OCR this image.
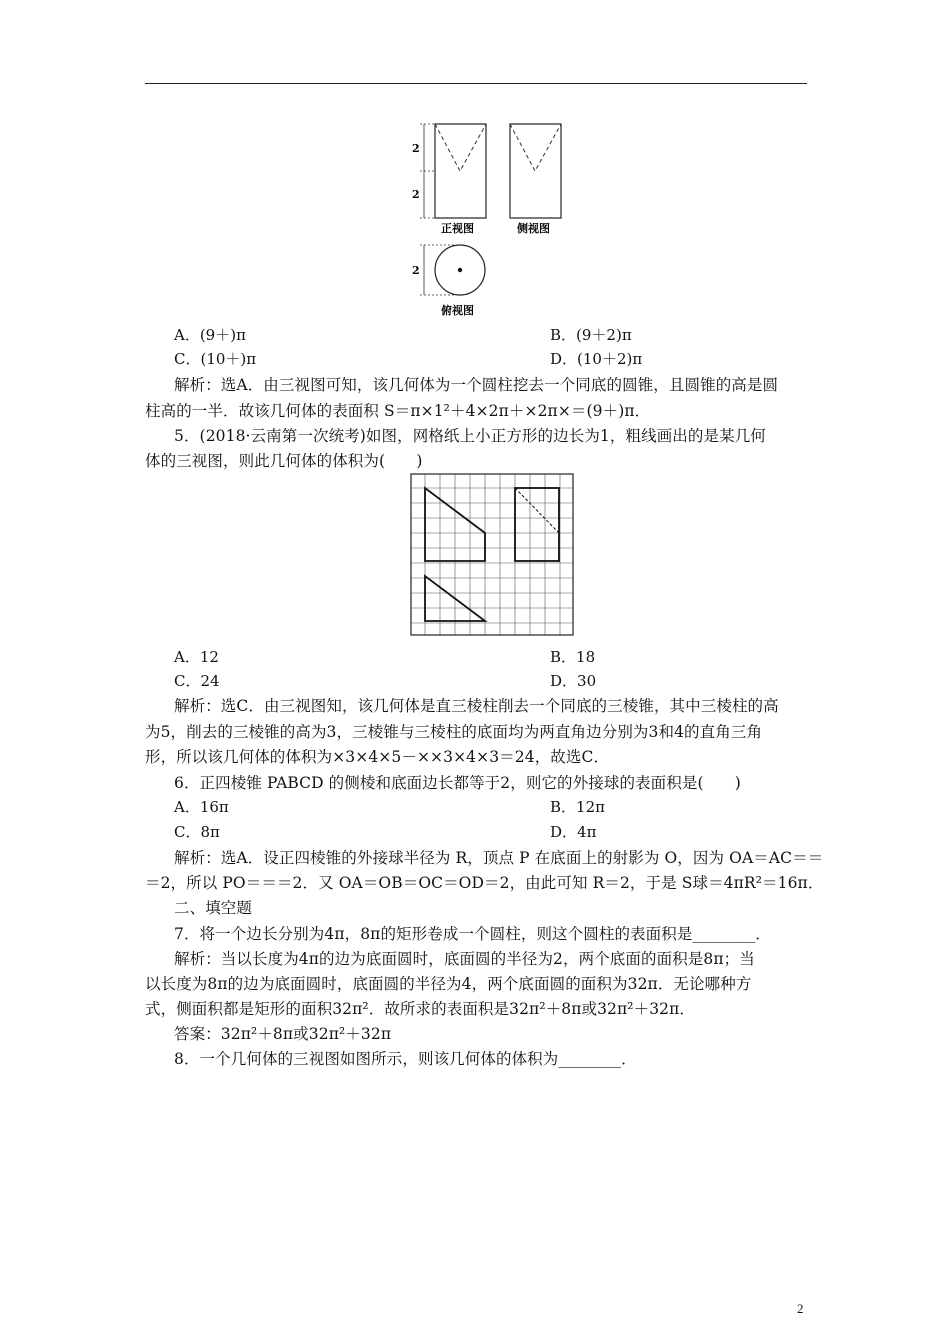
2
2
正视图	侧视图
2
俯视图
A．(9＋)π	B．(9＋2)π
C．(10＋)π	D．(10＋2)π
解析：选A．由三视图可知，该几何体为一个圆柱挖去一个同底的圆锥，且圆锥的高是圆
柱高的一半．故该几何体的表面积 S＝π×1²＋4×2π＋×2π×＝(9＋)π．
5．(2018·云南第一次统考)如图，网格纸上小正方形的边长为1，粗线画出的是某几何
体的三视图，则此几何体的体积为(　　)
A．12	B．18
C．24	D．30
解析：选C．由三视图知，该几何体是直三棱柱削去一个同底的三棱锥，其中三棱柱的高
为5，削去的三棱锥的高为3，三棱锥与三棱柱的底面均为两直角边分别为3和4的直角三角
形，所以该几何体的体积为×3×4×5－××3×4×3＝24，故选C．
6．正四棱锥 PABCD 的侧棱和底面边长都等于2，则它的外接球的表面积是(　　)
A．16π	B．12π
C．8π	D．4π
解析：选A．设正四棱锥的外接球半径为 R，顶点 P 在底面上的射影为 O，因为 OA＝AC＝＝
＝2，所以 PO＝＝＝2．又 OA＝OB＝OC＝OD＝2，由此可知 R＝2，于是 S球＝4πR²＝16π．
二、填空题
7．将一个边长分别为4π，8π的矩形卷成一个圆柱，则这个圆柱的表面积是________．
解析：当以长度为4π的边为底面圆时，底面圆的半径为2，两个底面的面积是8π；当
以长度为8π的边为底面圆时，底面圆的半径为4，两个底面圆的面积为32π．无论哪种方
式，侧面积都是矩形的面积32π²．故所求的表面积是32π²＋8π或32π²＋32π．
答案：32π²＋8π或32π²＋32π
8．一个几何体的三视图如图所示，则该几何体的体积为________．
2
